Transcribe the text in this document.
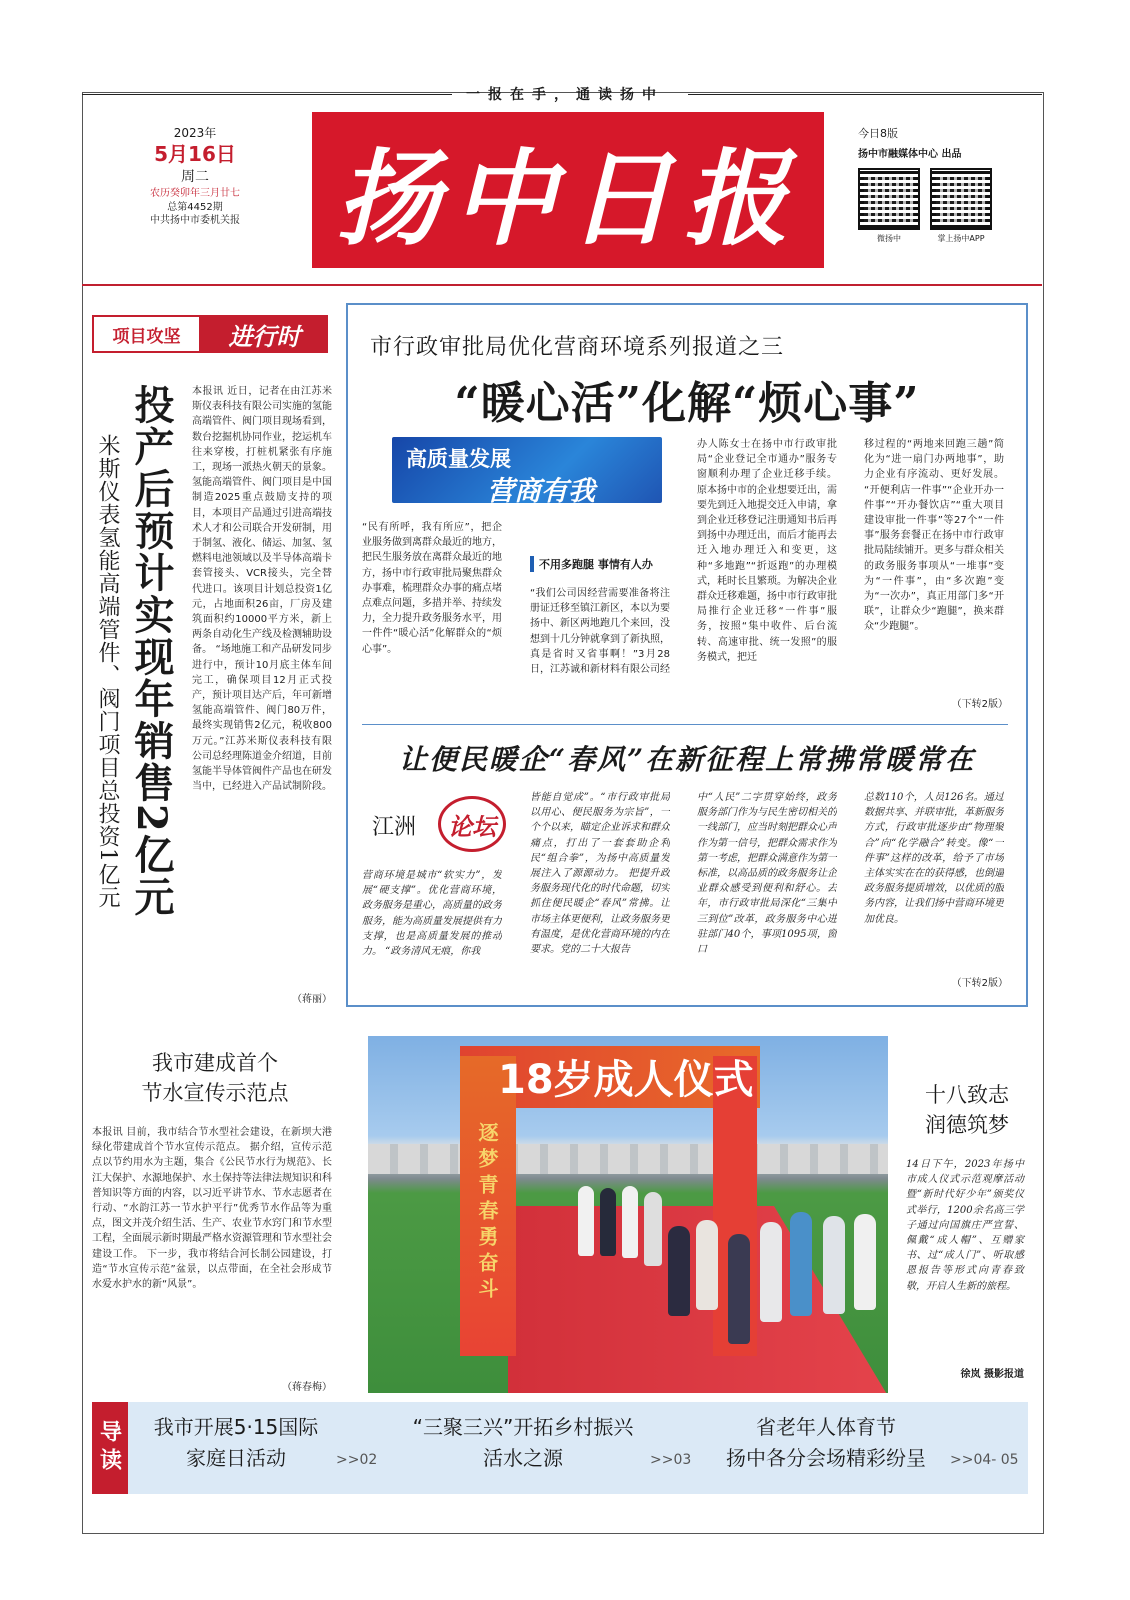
一报在手，通读扬中
2023年
5月16日
周二
农历癸卯年三月廿七
总第4452期
中共扬中市委机关报 扬中日报
今日8版
扬中市融媒体中心 出品
微扬中	掌上扬中APP
项目攻坚	进行时
投产后预计实现年销售2亿元
米斯仪表氢能高端管件、阀门项目总投资1亿元
本报讯 近日，记者在由江苏米斯仪表科技有限公司实施的氢能高端管件、阀门项目现场看到，数台挖掘机协同作业，挖运机车往来穿梭，打桩机紧张有序施工，现场一派热火朝天的景象。 氢能高端管件、阀门项目是中国制造2025重点鼓励支持的项目，本项目产品通过引进高端技术人才和公司联合开发研制，用于制氢、液化、储运、加氢、氢燃料电池领域以及半导体高端卡套管接头、VCR接头，完全替代进口。该项目计划总投资1亿元，占地面积26亩，厂房及建筑面积约10000平方米，新上两条自动化生产线及检测辅助设备。 “场地施工和产品研发同步进行中，预计10月底主体车间完工，确保项目12月正式投产，预计项目达产后，年可新增氢能高端管件、阀门80万件，最终实现销售2亿元，税收800万元。”江苏米斯仪表科技有限公司总经理陈道金介绍道，目前氢能半导体管阀件产品也在研发当中，已经进入产品试制阶段。
（蒋丽）
市行政审批局优化营商环境系列报道之三
“暖心活”化解“烦心事”
高质量发展
营商有我
“民有所呼，我有所应”，把企业服务做到离群众最近的地方，把民生服务放在离群众最近的地方，扬中市行政审批局聚焦群众办事难，梳理群众办事的痛点堵点难点问题，多措并举、持续发力，全力提升政务服务水平，用一件件“暖心活”化解群众的“烦心事”。
不用多跑腿 事情有人办
“我们公司因经营需要准备将注册证迁移至镇江新区，本以为要扬中、新区两地跑几个来回，没想到十几分钟就拿到了新执照，真是省时又省事啊！”3月28日，江苏诚和新材料有限公司经
办人陈女士在扬中市行政审批局“企业登记全市通办”服务专窗顺利办理了企业迁移手续。 原本扬中市的企业想要迁出，需要先到迁入地提交迁入申请，拿到企业迁移登记注册通知书后再到扬中办理迁出，而后才能再去迁入地办理迁入和变更，这种“多地跑”“折返跑”的办理模式，耗时长且繁琐。为解决企业群众迁移难题，扬中市行政审批局推行企业迁移“一件事”服务，按照“集中收件、后台流转、高速审批、统一发照”的服务模式，把迁
移过程的“两地来回跑三趟”简化为“进一扇门办两地事”，助力企业有序流动、更好发展。 “开便利店一件事”“企业开办一件事”“开办餐饮店”“重大项目建设审批一件事”等27个“一件事”服务套餐正在扬中市行政审批局陆续铺开。更多与群众相关的政务服务事项从“一堆事”变为“一件事”，由“多次跑”变为“一次办”，真正用部门多“开联”，让群众少“跑腿”，换来群众“少跑腿”。
（下转2版）
让便民暖企“春风”在新征程上常拂常暖常在
江洲	论坛
营商环境是城市“软实力”，发展“硬支撑”。优化营商环境，政务服务是重心，高质量的政务服务，能为高质量发展提供有力支撑，也是高质量发展的推动力。 “政务清风无痕，你我
皆能自觉成”。“市行政审批局以用心、便民服务为宗旨”，一个个以来，瞄定企业诉求和群众痛点，打出了一套套助企利民“组合拳”，为扬中高质量发展注入了源源动力。 把提升政务服务现代化的时代命题，切实抓住便民暖企“春风”常拂。让市场主体更便利，让政务服务更有温度，是优化营商环境的内在要求。党的二十大报告
中“人民”二字贯穿始终，政务服务部门作为与民生密切相关的一线部门，应当时刻把群众心声作为第一信号，把群众需求作为第一考虑，把群众满意作为第一标准，以高品质的政务服务让企业群众感受到便利和舒心。去年，市行政审批局深化“三集中三到位”改革，政务服务中心进驻部门40个，事项1095项，窗口
总数110个，人员126名。通过数据共享、并联审批，革新服务方式，行政审批逐步由“物理聚合”向“化学融合”转变。像“一件事”这样的改革，给予了市场主体实实在在的获得感，也倒逼政务服务提质增效，以优质的服务内容，让我们扬中营商环境更加优良。
（下转2版）
我市建成首个
节水宣传示范点
本报讯 目前，我市结合节水型社会建设，在新坝大港绿化带建成首个节水宣传示范点。 据介绍，宣传示范点以节约用水为主题，集合《公民节水行为规范》、长江大保护、水源地保护、水土保持等法律法规知识和科普知识等方面的内容，以习近平讲节水、节水志愿者在行动、“水韵江苏一节水护平行”优秀节水作品等为重点，图文并茂介绍生活、生产、农业节水窍门和节水型工程，全面展示新时期最严格水资源管理和节水型社会建设工作。 下一步，我市将结合河长制公园建设，打造“节水宣传示范”盆景，以点带面，在全社会形成节水爱水护水的新“风景”。
（蒋春梅）
18岁成人仪式
逐梦青春勇奋斗
十八致志
润德筑梦
14日下午，2023年扬中市成人仪式示范观摩活动暨“新时代好少年”颁奖仪式举行，1200余名高三学子通过向国旗庄严宣誓、佩戴“成人帽”、互赠家书、过“成人门”、听取感恩报告等形式向青春致敬，开启人生新的旅程。
徐岚 摄影报道
导读	我市开展5·15国际
家庭日活动	>>02
“三聚三兴”开拓乡村振兴
活水之源	>>03
省老年人体育节
扬中各分会场精彩纷呈	>>04- 05
